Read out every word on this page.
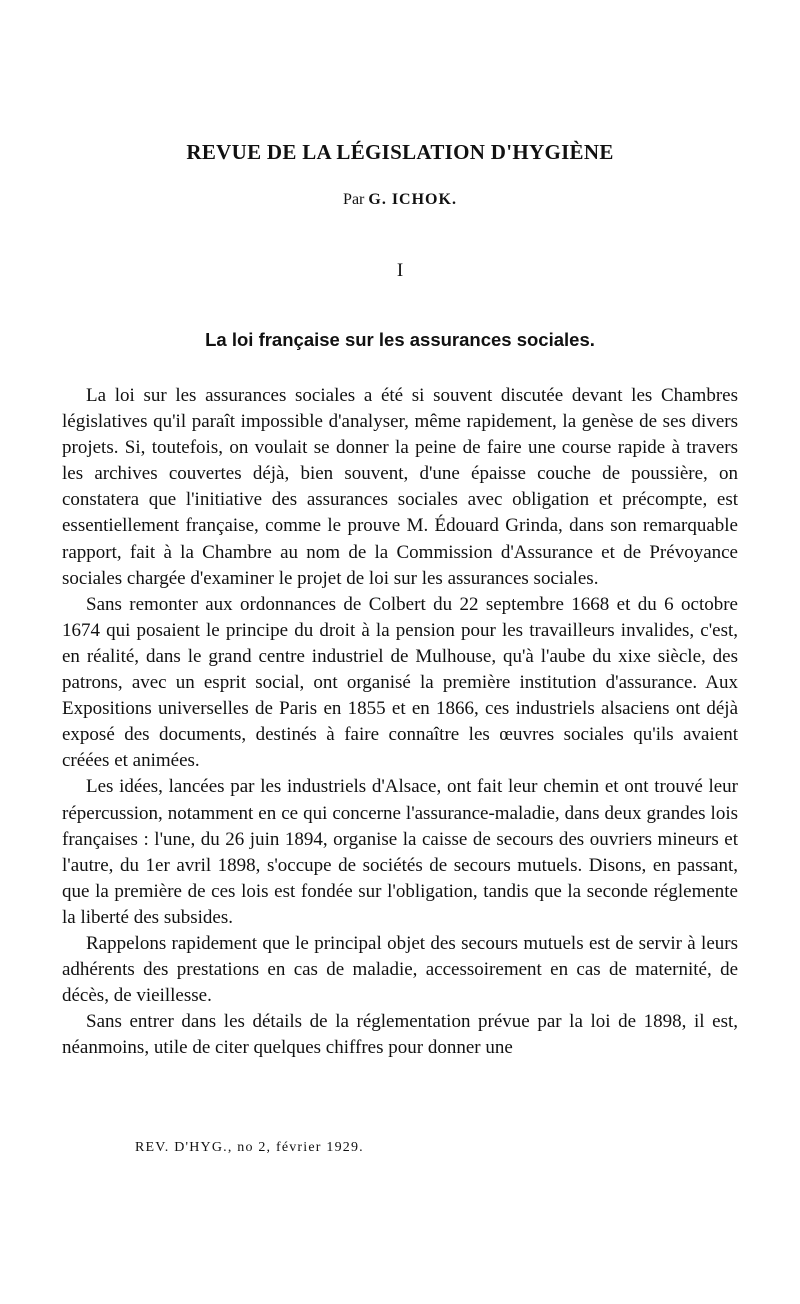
REVUE DE LA LÉGISLATION D'HYGIÈNE
Par G. ICHOK.
I
La loi française sur les assurances sociales.

La loi sur les assurances sociales a été si souvent discutée devant les Chambres législatives qu'il paraît impossible d'analyser, même rapidement, la genèse de ses divers projets. Si, toutefois, on voulait se donner la peine de faire une course rapide à travers les archives couvertes déjà, bien souvent, d'une épaisse couche de poussière, on constatera que l'initiative des assurances sociales avec obligation et précompte, est essentiellement française, comme le prouve M. Édouard Grinda, dans son remarquable rapport, fait à la Chambre au nom de la Commission d'Assurance et de Prévoyance sociales chargée d'examiner le projet de loi sur les assurances sociales.

Sans remonter aux ordonnances de Colbert du 22 septembre 1668 et du 6 octobre 1674 qui posaient le principe du droit à la pension pour les travailleurs invalides, c'est, en réalité, dans le grand centre industriel de Mulhouse, qu'à l'aube du xixe siècle, des patrons, avec un esprit social, ont organisé la première institution d'assurance. Aux Expositions universelles de Paris en 1855 et en 1866, ces industriels alsaciens ont déjà exposé des documents, destinés à faire connaître les œuvres sociales qu'ils avaient créées et animées.

Les idées, lancées par les industriels d'Alsace, ont fait leur chemin et ont trouvé leur répercussion, notamment en ce qui concerne l'assurance-maladie, dans deux grandes lois françaises : l'une, du 26 juin 1894, organise la caisse de secours des ouvriers mineurs et l'autre, du 1er avril 1898, s'occupe de sociétés de secours mutuels. Disons, en passant, que la première de ces lois est fondée sur l'obligation, tandis que la seconde réglemente la liberté des subsides.

Rappelons rapidement que le principal objet des secours mutuels est de servir à leurs adhérents des prestations en cas de maladie, accessoirement en cas de maternité, de décès, de vieillesse.

Sans entrer dans les détails de la réglementation prévue par la loi de 1898, il est, néanmoins, utile de citer quelques chiffres pour donner une

REV. D'HYG., no 2, février 1929.
